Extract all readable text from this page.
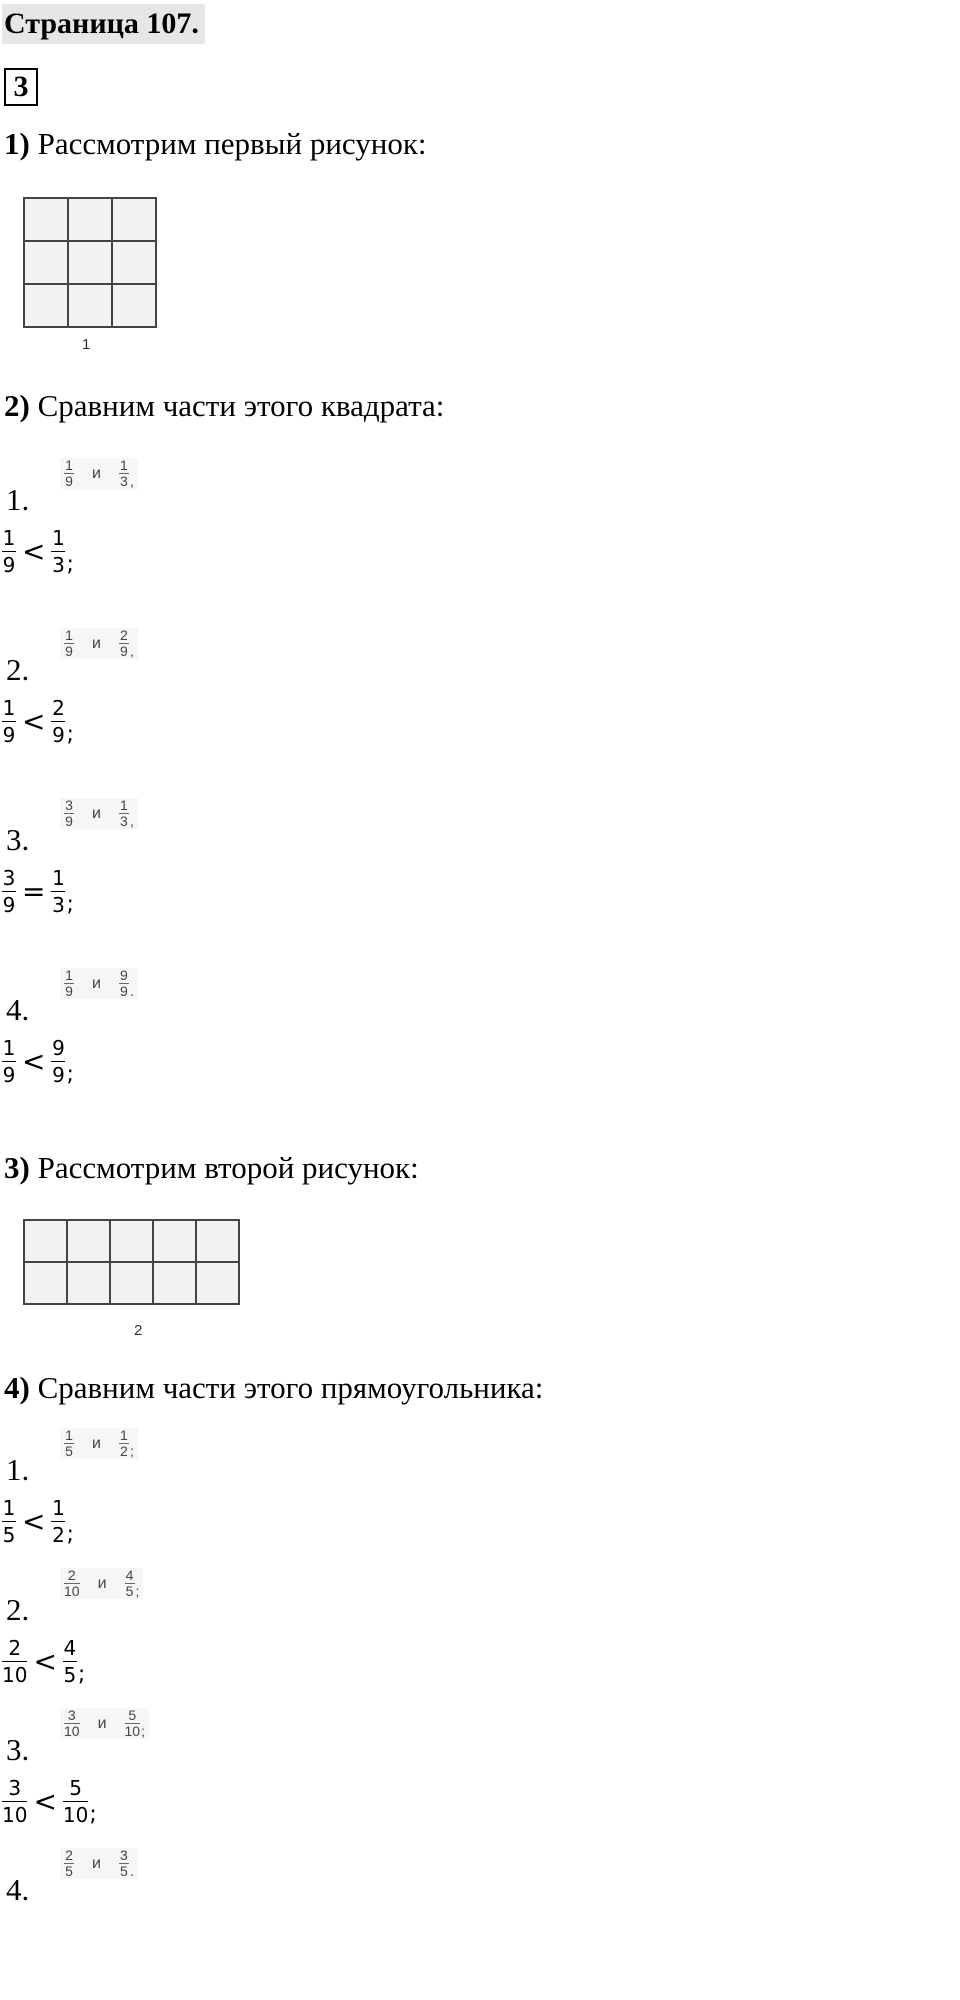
Страница 107.
3
1) Рассмотрим первый рисунок:
1
2) Сравним части этого квадрата:
1.
1
9 и 1
3 ,
$\frac{1}{9} < \frac{1}{3}$ ;
2.
1
9 и 2
9 ,
$\frac{1}{9} < \frac{2}{9}$ ;
3.
3
9 и 1
3 ,
$\frac{3}{9} = \frac{1}{3}$ ;
4.
1
9 и 9
9 .
$\frac{1}{9} < \frac{9}{9}$ ;
3) Рассмотрим второй рисунок:
2
4) Сравним части этого прямоугольника:
1.
1
5 и 1
2 ;
$\frac{1}{5} < \frac{1}{2}$ ;
2.
2
10 и 4
5 ;
$\frac{2}{10} < \frac{4}{5}$ ;
3.
3
10 и 5
10 ;
$\frac{3}{10} < \frac{5}{10}$ ;
4.
2
5 и 3
5 .
